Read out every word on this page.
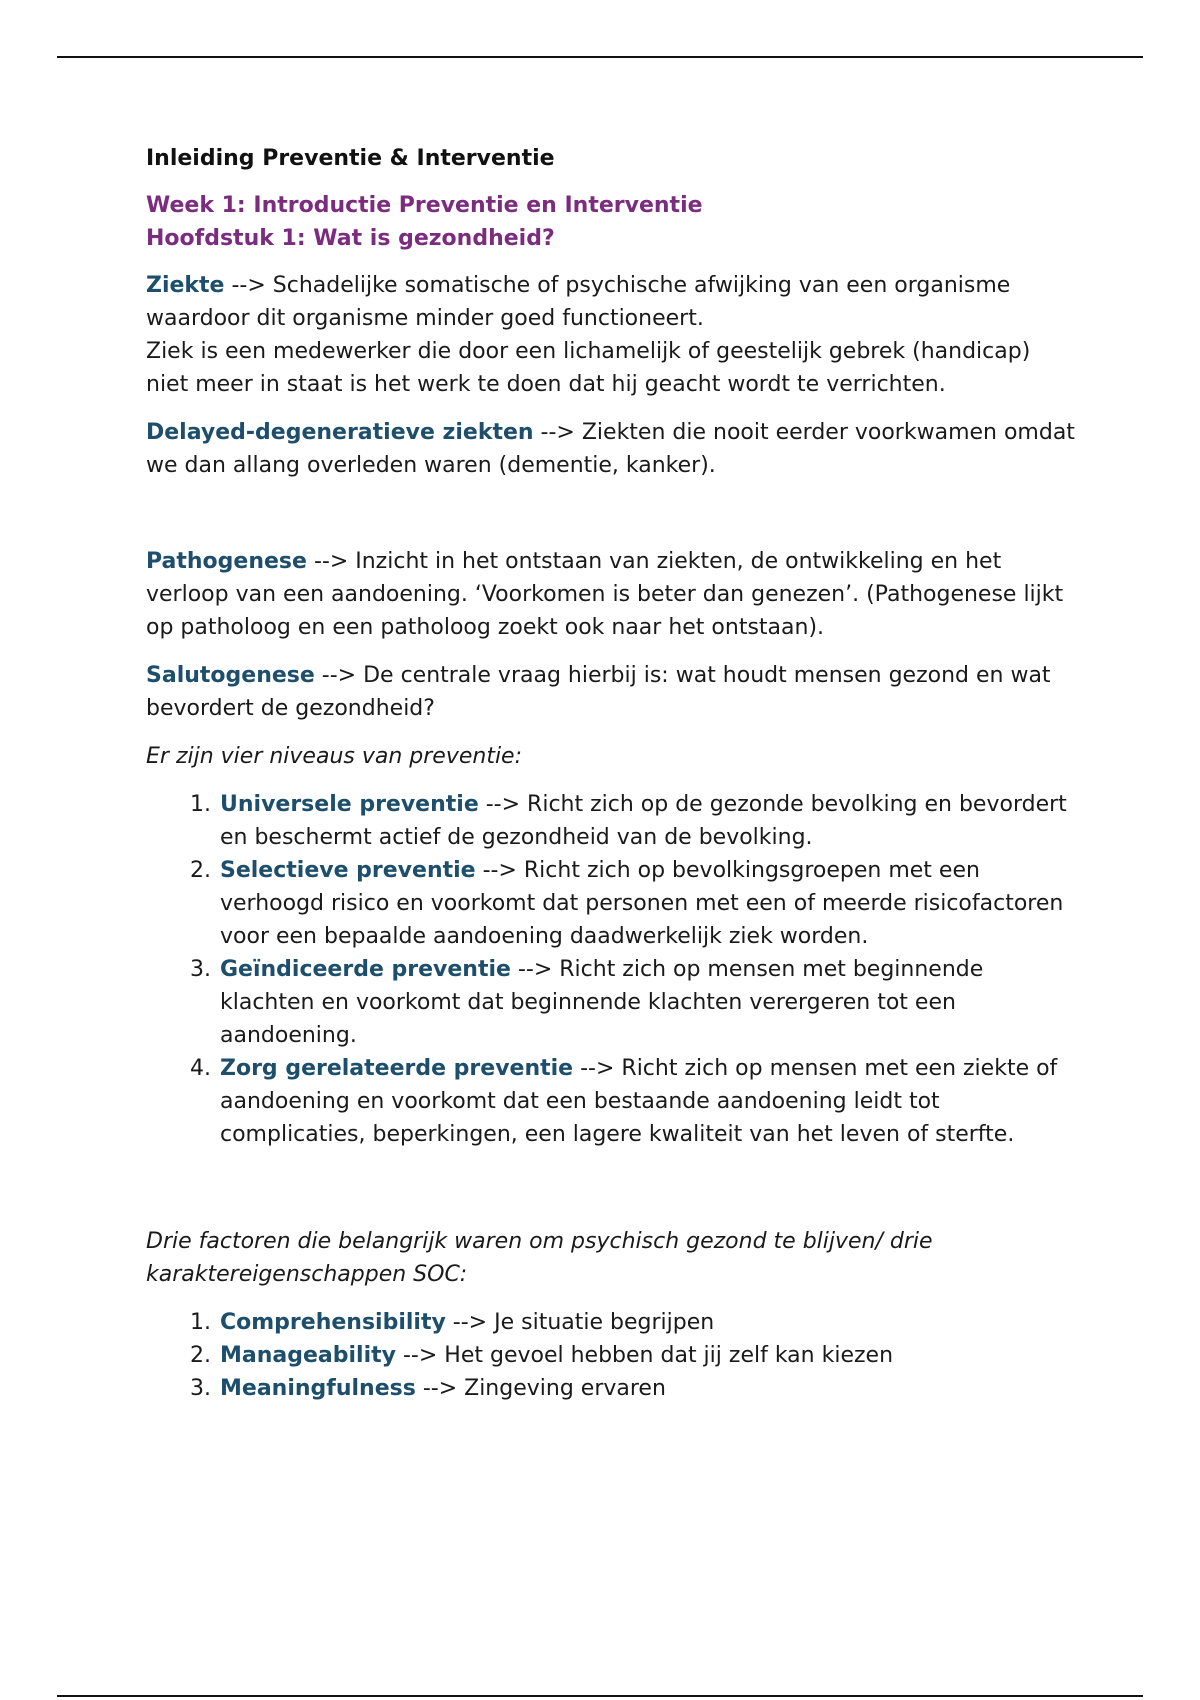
Inleiding Preventie & Interventie
Week 1: Introductie Preventie en Interventie
Hoofdstuk 1: Wat is gezondheid?

Ziekte --> Schadelijke somatische of psychische afwijking van een organisme waardoor dit organisme minder goed functioneert.
Ziek is een medewerker die door een lichamelijk of geestelijk gebrek (handicap) niet meer in staat is het werk te doen dat hij geacht wordt te verrichten.

Delayed-degeneratieve ziekten --> Ziekten die nooit eerder voorkwamen omdat we dan allang overleden waren (dementie, kanker).

Pathogenese --> Inzicht in het ontstaan van ziekten, de ontwikkeling en het verloop van een aandoening. ‘Voorkomen is beter dan genezen’. (Pathogenese lijkt op patholoog en een patholoog zoekt ook naar het ontstaan).

Salutogenese --> De centrale vraag hierbij is: wat houdt mensen gezond en wat bevordert de gezondheid?

Er zijn vier niveaus van preventie:

1. Universele preventie --> Richt zich op de gezonde bevolking en bevordert en beschermt actief de gezondheid van de bevolking.
2. Selectieve preventie --> Richt zich op bevolkingsgroepen met een verhoogd risico en voorkomt dat personen met een of meerde risicofactoren voor een bepaalde aandoening daadwerkelijk ziek worden.
3. Geïndiceerde preventie --> Richt zich op mensen met beginnende klachten en voorkomt dat beginnende klachten verergeren tot een aandoening.
4. Zorg gerelateerde preventie --> Richt zich op mensen met een ziekte of aandoening en voorkomt dat een bestaande aandoening leidt tot complicaties, beperkingen, een lagere kwaliteit van het leven of sterfte.

Drie factoren die belangrijk waren om psychisch gezond te blijven/ drie karaktereigenschappen SOC:

1. Comprehensibility --> Je situatie begrijpen
2. Manageability --> Het gevoel hebben dat jij zelf kan kiezen
3. Meaningfulness --> Zingeving ervaren
